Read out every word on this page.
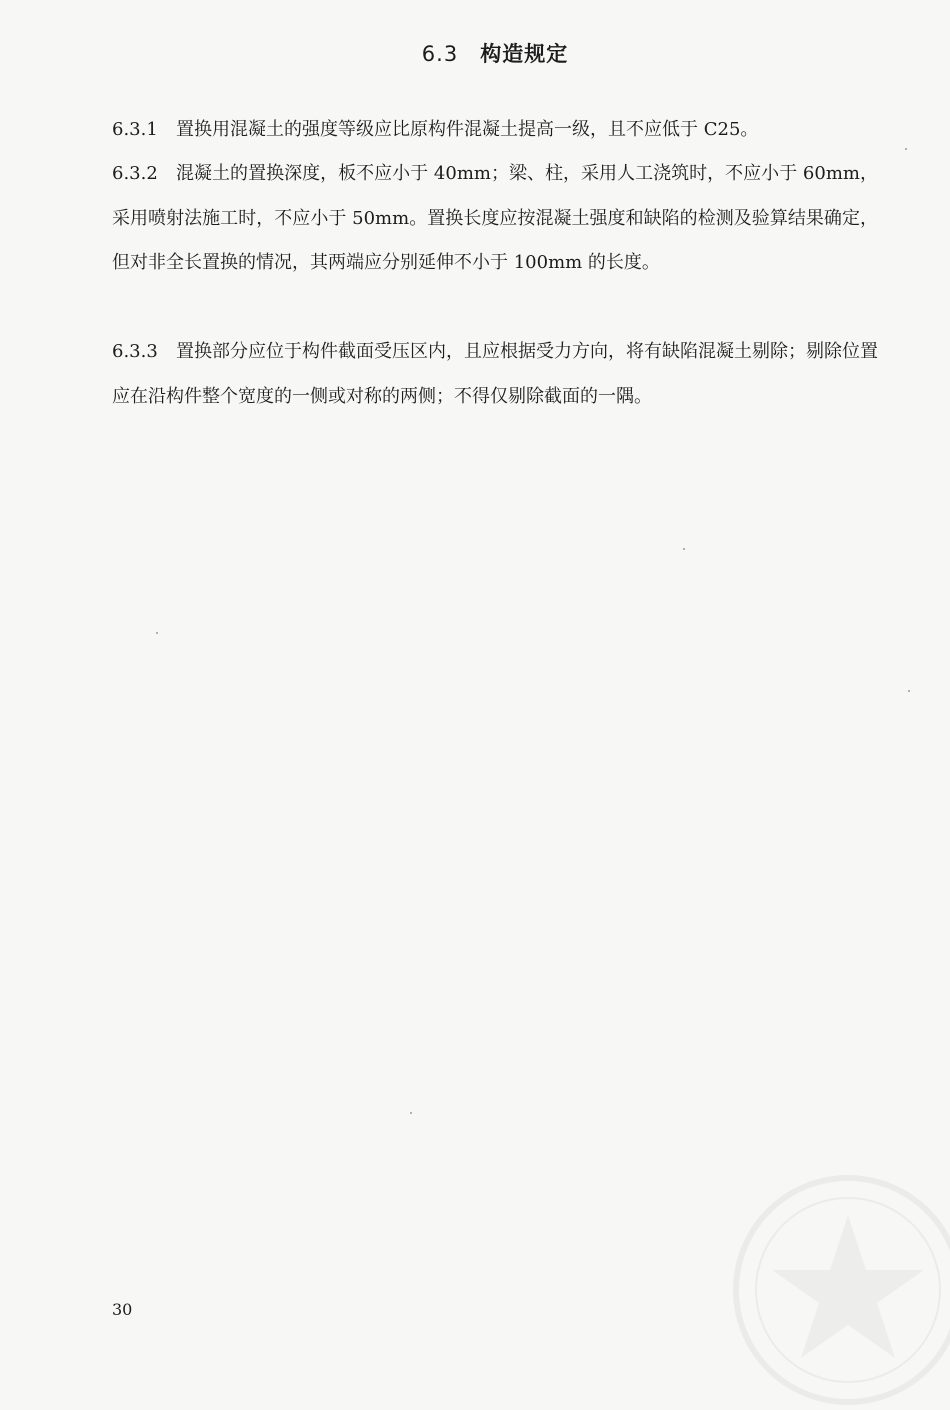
6.3 构造规定
6.3.1 置换用混凝土的强度等级应比原构件混凝土提高一级，且不应低于 C25。
6.3.2 混凝土的置换深度，板不应小于 40mm；梁、柱，采用人工浇筑时，不应小于 60mm，采用喷射法施工时，不应小于 50mm。置换长度应按混凝土强度和缺陷的检测及验算结果确定，但对非全长置换的情况，其两端应分别延伸不小于 100mm 的长度。
6.3.3 置换部分应位于构件截面受压区内，且应根据受力方向，将有缺陷混凝土剔除；剔除位置应在沿构件整个宽度的一侧或对称的两侧；不得仅剔除截面的一隅。
30
